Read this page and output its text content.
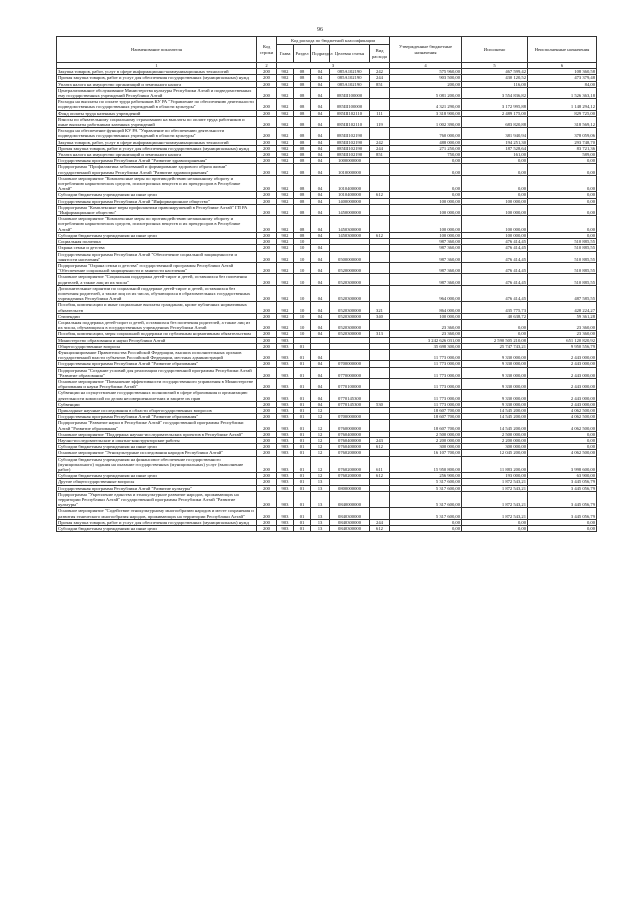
96
Наименование показателя	Код строки	Код расхода по бюджетной классификации					Утвержденные бюджетные назначения	Исполнено	Неисполненные назначения
		Глава	Раздел	Подраздел	Целевая статья	Вид расхода			
1	2	3					4	5	6
Закупка товаров, работ, услуг в сфере информационно-коммуникационных технологий	200	902	08	04	085А102190	242	575 960,00	467 599,42	108 360,58
Прочая закупка товаров, работ и услуг для обеспечения государственных (муниципальных) нужд	200	902	08	04	085А102190	244	903 500,00	430 120,52	473 379,48
Уплата налога на имущество организаций и земельного налога	200	902	08	04	085А102190	851	200,00	116,00	84,00
Централизованное обслуживание Министерства культуры Республики Алтай и подведомственных ему государственных учреждений Республики Алтай	200	902	08	04	085Ш100000		5 081 200,00	3 554 836,82	1 526 363,18
Расходы на выплаты по оплате труда работников КУ РА "Управление по обеспечению деятельности подведомственных государственных учреждений в области культуры"	200	902	08	04	085Ш100000		4 321 290,00	3 172 995,88	1 148 294,12
Фонд оплаты труда казенных учреждений	200	902	08	04	085Ш102110	111	3 318 900,00	2 489 175,00	829 725,00
Взносы по обязательному социальному страхованию на выплаты по оплате труда работников и иные выплаты работникам казенных учреждений	200	902	08	04	085Ш102110	119	1 002 390,00	683 820,88	318 569,12
Расходы на обеспечение функций КУ РА "Управление по обеспечению деятельности подведомственных государственных учреждений в области культуры"	200	902	08	04	085Ш102190		760 000,00	381 940,94	378 059,06
Закупка товаров, работ, услуг в сфере информационно-коммуникационных технологий	200	902	08	04	085Ш102190	242	488 000,00	194 251,30	293 748,70
Прочая закупка товаров, работ и услуг для обеспечения государственных (муниципальных) нужд	200	902	08	04	085Ш102190	244	271 250,00	187 528,64	83 721,36
Уплата налога на имущество организаций и земельного налога	200	902	08	04	085Ш102190	851	750,00	161,00	589,00
Государственная программа Республики Алтай "Развитие здравоохранения"	200	902	08	04	1000000000		0,00	0,00	0,00
Подпрограмма "Профилактика заболеваний и формирование здорового образа жизни" государственной программы Республики Алтай "Развитие здравоохранения"	200	902	08	04	1010000000		0,00	0,00	0,00
Основное мероприятие "Комплексные меры по противодействию незаконному обороту и потреблению наркотических средств, психотропных веществ и их прекурсоров в Республике Алтай"	200	902	08	04	1010400000		0,00	0,00	0,00
Субсидии бюджетным учреждениям на иные цели	200	902	08	04	1010400000	612	0,00	0,00	0,00
Государственная программа Республики Алтай "Информационное общество"	200	902	08	04	1400000000		100 000,00	100 000,00	0,00
Подпрограмма "Комплексные меры профилактики правонарушений в Республике Алтай" ГП РА "Информационное общество"	200	902	08	04	1450000000		100 000,00	100 000,00	0,00
Основное мероприятие "Комплексные меры по противодействию незаконному обороту и потреблению наркотических средств, психотропных веществ и их прекурсоров в Республике Алтай"	200	902	08	04	1450300000		100 000,00	100 000,00	0,00
Субсидии бюджетным учреждениям на иные цели	200	902	08	04	1450300000	612	100 000,00	100 000,00	0,00
Социальная политика	200	902	10				987 360,00	476 414,45	510 885,55
Охрана семьи и детства	200	902	10	04			987 360,00	476 414,45	510 885,55
Государственная программа Республики Алтай "Обеспечение социальной защищенности и занятости населения"	200	902	10	04	0500000000		987 360,00	476 414,45	510 885,55
Подпрограмма "Охрана семьи и детства" государственной программы Республики Алтай "Обеспечение социальной защищенности и занятости населения"	200	902	10	04	0520000000		987 360,00	476 414,45	510 885,55
Основное мероприятие "Социальная поддержка детей-сирот и детей, оставшихся без попечения родителей, а также лиц из их числа"	200	902	10	04	0520300000		987 360,00	476 414,45	510 885,55
Дополнительные гарантии по социальной поддержке детей-сирот и детей, оставшихся без попечения родителей, а также лиц из их числа, обучающихся в образовательных государственных учреждениях Республики Алтай	200	902	10	04	0520300000		964 000,00	476 414,45	487 585,55
Пособия, компенсации и иные социальные выплаты гражданам, кроме публичных нормативных обязательств	200	902	10	04	0520300000	321	864 000,00	435 775,73	428 224,27
Стипендии	200	902	10	04	0520300000	340	100 000,00	40 638,72	59 361,28
Социальная поддержка детей-сирот и детей, оставшихся без попечения родителей, а также лиц из их числа, обучающихся в государственных учреждениях Республики Алтай	200	902	10	04	0520300000		23 360,00	0,00	23 360,00
Пособия, компенсации, меры социальной поддержки по публичным нормативным обязательствам	200	902	10	04	0520300000	313	23 360,00	0,00	23 360,00
Министерство образования и науки Республики Алтай	200	903					3 242 626 031,00	2 590 505 210,08	651 120 820,92
Общегосударственные вопросы	200	903	01				35 698 300,00	25 747 743,21	9 950 556,79
Функционирование Правительства Российской Федерации, высших исполнительных органов государственной власти субъектов Российской Федерации, местных администраций	200	903	01	04			11 773 000,00	9 330 000,00	2 443 000,00
Государственная программа Республики Алтай "Развитие образования"	200	903	01	04	0700000000		11 773 000,00	9 330 000,00	2 443 000,00
Подпрограмма "Создание условий для реализации государственной программы Республики Алтай "Развитие образования"	200	903	01	04	0770000000		11 773 000,00	9 330 000,00	2 443 000,00
Основное мероприятие "Повышение эффективности государственного управления в Министерстве образования и науки Республики Алтай"	200	903	01	04	0770100000		11 773 000,00	9 330 000,00	2 443 000,00
Субвенции на осуществление государственных полномочий в сфере образования и организацию деятельности комиссий по делам несовершеннолетних и защите их прав	200	903	01	04	0770145300		11 773 000,00	9 330 000,00	2 443 000,00
Субвенции	200	903	01	04	0770145300	530	11 773 000,00	9 330 000,00	2 443 000,00
Прикладные научные исследования в области общегосударственных вопросов	200	903	01	12			18 607 700,00	14 545 200,00	4 062 500,00
Государственная программа Республики Алтай "Развитие образования"	200	903	01	12	0700000000		18 607 700,00	14 545 200,00	4 062 500,00
Подпрограмма "Развитие науки в Республике Алтай" государственной программы Республики Алтай "Развитие образования"	200	903	01	12	0760000000		18 607 700,00	14 545 200,00	4 062 500,00
Основное мероприятие "Поддержка научно-исследовательских проектов в Республике Алтай"	200	903	01	12	0760400000		2 500 000,00	2 500 000,00	0,00
Научно-исследовательские и опытно-конструкторские работы	200	903	01	12	0760400000	243	2 200 000,00	2 200 000,00	0,00
Субсидии бюджетным учреждениям на иные цели	200	903	01	12	0760400000	612	300 000,00	300 000,00	0,00
Основное мероприятие "Этнокультурные исследования народов Республики Алтай"	200	903	01	12	0760200000		16 107 700,00	12 045 200,00	4 062 500,00
Субсидии бюджетным учреждениям на финансовое обеспечение государственного (муниципального) задания на оказание государственных (муниципальных) услуг (выполнение работ)	200	903	01	12	0760200000	611	15 950 800,00	11 883 200,00	3 998 600,00
Субсидии бюджетным учреждениям на иные цели	200	903	01	12	0760200000	612	256 900,00	193 000,00	63 900,00
Другие общегосударственные вопросы	200	903	01	13			5 317 600,00	1 872 543,21	3 445 056,79
Государственная программа Республики Алтай "Развитие культуры"	200	903	01	13	0800000000		5 317 600,00	1 872 543,21	3 445 056,79
Подпрограмма "Укрепление единства и этнокультурное развитие народов, проживающих на территории Республики Алтай" государственной программы Республики Алтай "Развитие культуры"	200	903	01	13	0840000000		5 317 600,00	1 872 543,21	3 445 056,79
Основное мероприятие "Содействие этнокультурному многообразию народов и месте сохранения и развития этнического многообразия народов, проживающих на территории Республики Алтай"	200	903	01	13	0840300000		5 317 600,00	1 872 543,21	3 445 056,79
Прочая закупка товаров, работ и услуг для обеспечения государственных (муниципальных) нужд	200	903	01	13	0840300000	244	0,00	0,00	0,00
Субсидии бюджетным учреждениям на иные цели	200	903	01	13	0840300000	612	0,00	0,00	0,00
